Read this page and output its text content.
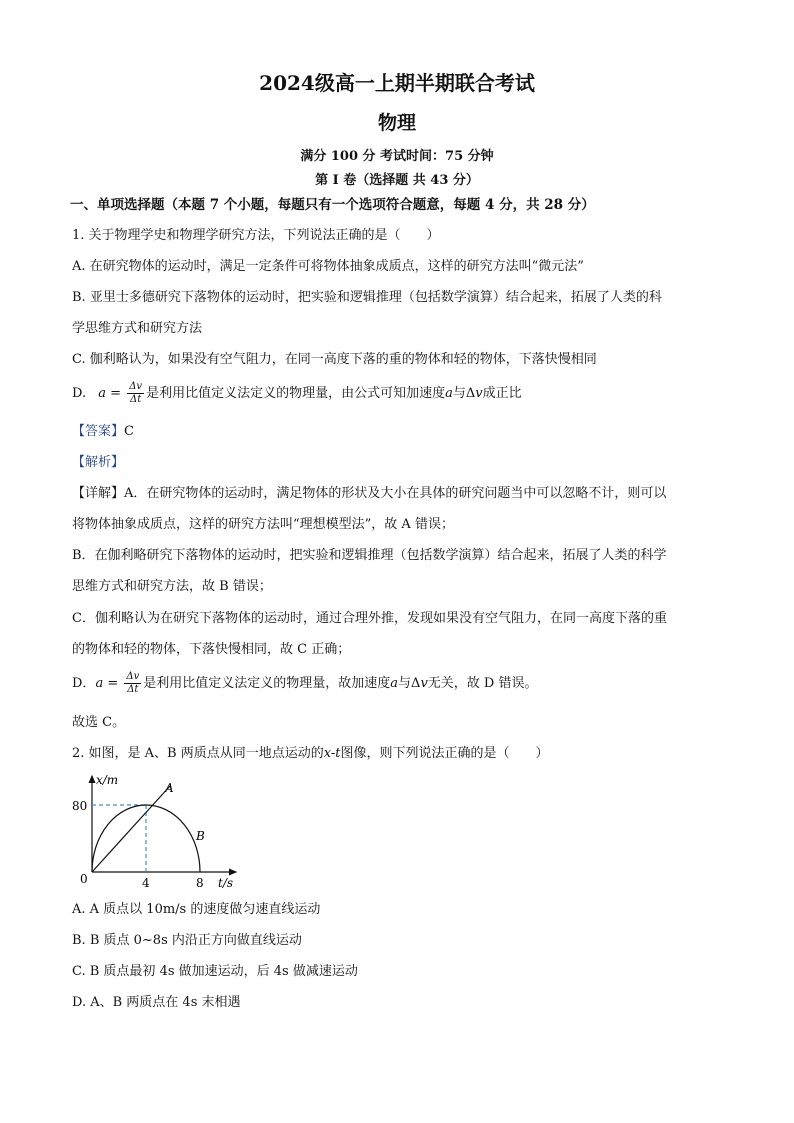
2024级高一上期半期联合考试
物理
满分 100 分 考试时间：75 分钟
第 I 卷（选择题 共 43 分）
一、单项选择题（本题 7 个小题，每题只有一个选项符合题意，每题 4 分，共 28 分）
1. 关于物理学史和物理学研究方法，下列说法正确的是（　　）
A. 在研究物体的运动时，满足一定条件可将物体抽象成质点，这样的研究方法叫“微元法”
B. 亚里士多德研究下落物体的运动时，把实验和逻辑推理（包括数学演算）结合起来，拓展了人类的科
学思维方式和研究方法
C. 伽利略认为，如果没有空气阻力，在同一高度下落的重的物体和轻的物体，下落快慢相同
D. $a = \frac{\Delta v}{\Delta t}$ 是利用比值定义法定义的物理量，由公式可知加速度a与Δv成正比
【答案】C
【解析】
【详解】A．在研究物体的运动时，满足物体的形状及大小在具体的研究问题当中可以忽略不计，则可以
将物体抽象成质点，这样的研究方法叫“理想模型法”，故 A 错误；
B．在伽利略研究下落物体的运动时，把实验和逻辑推理（包括数学演算）结合起来，拓展了人类的科学
思维方式和研究方法，故 B 错误；
C．伽利略认为在研究下落物体的运动时，通过合理外推，发现如果没有空气阻力，在同一高度下落的重
的物体和轻的物体，下落快慢相同，故 C 正确；
D．$a = \frac{\Delta v}{\Delta t}$ 是利用比值定义法定义的物理量，故加速度a与Δv无关，故 D 错误。
故选 C。
2. 如图，是 A、B 两质点从同一地点运动的x-t图像，则下列说法正确的是（　　）
x/m
80
0	4	8 t/s
A
B
A. A 质点以 10m/s 的速度做匀速直线运动
B. B 质点 0~8s 内沿正方向做直线运动
C. B 质点最初 4s 做加速运动，后 4s 做减速运动
D. A、B 两质点在 4s 末相遇
